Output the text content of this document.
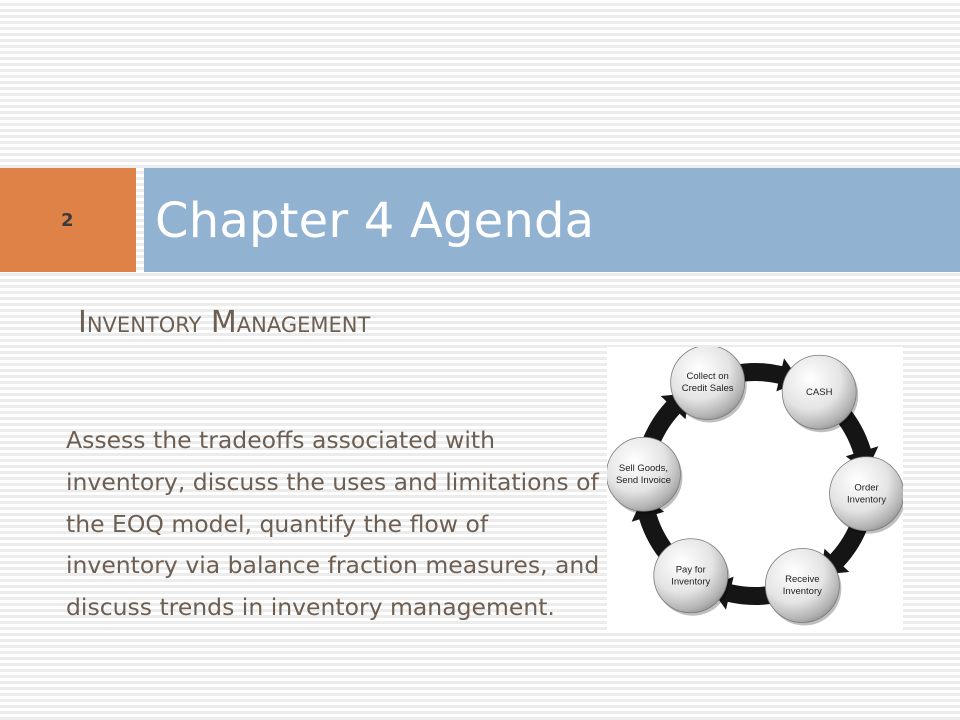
2 Chapter 4 Agenda
Inventory Management
Assess the tradeoffs associated with inventory, discuss the uses and limitations of the EOQ model, quantify the flow of inventory via balance fraction measures, and discuss trends in inventory management.
Collect on
Credit Sales	CASH
Order
Inventory
Receive
Inventory
Pay for
Inventory
Sell Goods,
Send Invoice
